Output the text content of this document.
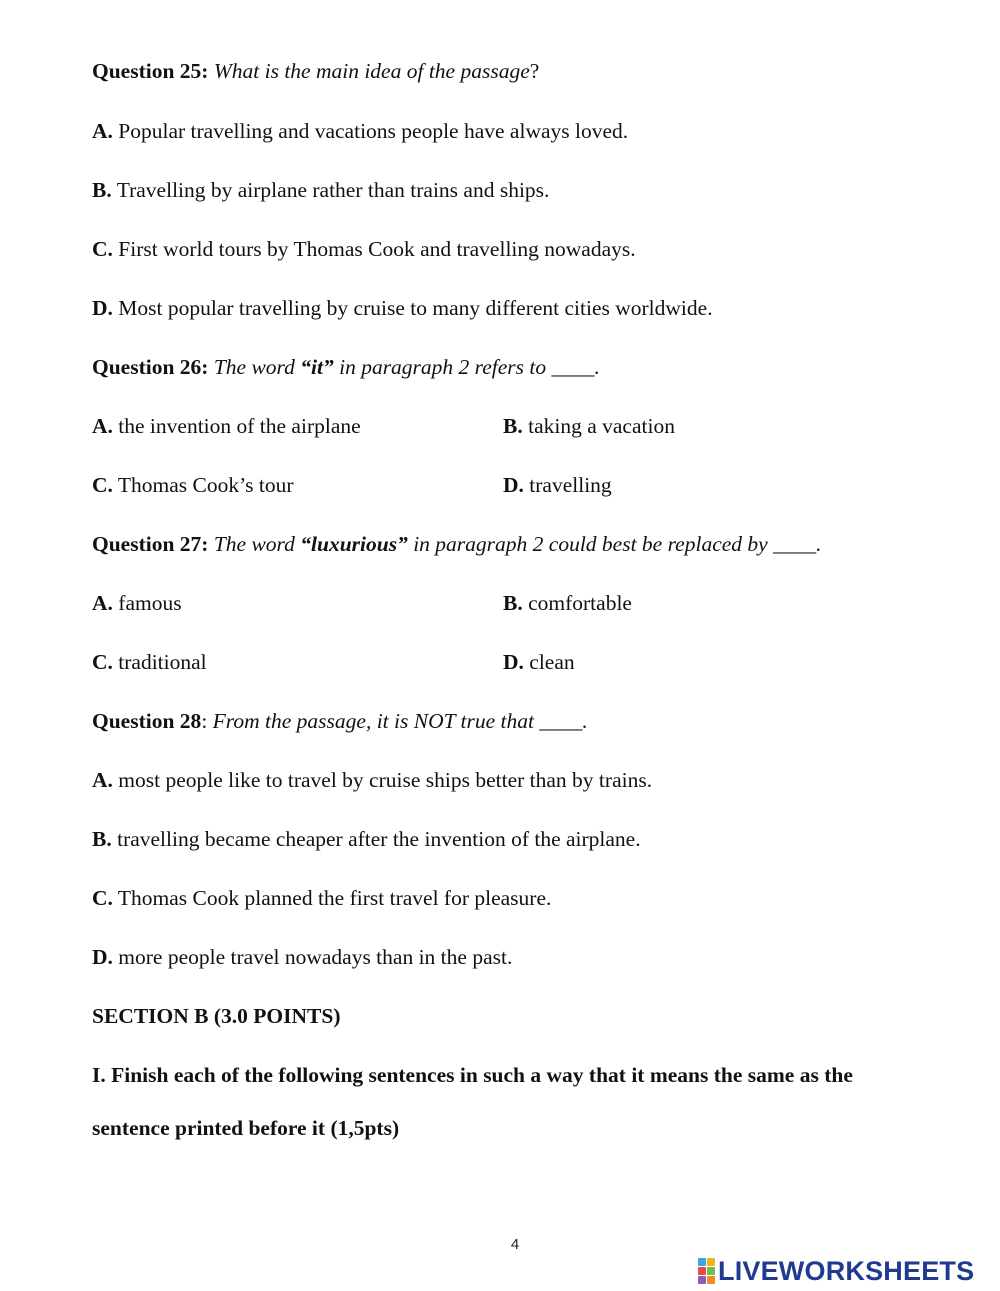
Question 25: What is the main idea of the passage?
A. Popular travelling and vacations people have always loved.
B. Travelling by airplane rather than trains and ships.
C. First world tours by Thomas Cook and travelling nowadays.
D. Most popular travelling by cruise to many different cities worldwide.
Question 26: The word “it” in paragraph 2 refers to ____.
A. the invention of the airplane	B. taking a vacation
C. Thomas Cook’s tour	D. travelling
Question 27: The word “luxurious” in paragraph 2 could best be replaced by ____.
A. famous	B. comfortable
C. traditional	D. clean
Question 28: From the passage, it is NOT true that ____.
A. most people like to travel by cruise ships better than by trains.
B. travelling became cheaper after the invention of the airplane.
C. Thomas Cook planned the first travel for pleasure.
D. more people travel nowadays than in the past.
SECTION B (3.0 POINTS)
I. Finish each of the following sentences in such a way that it means the same as the
sentence printed before it (1,5pts)
4
LIVEWORKSHEETS
